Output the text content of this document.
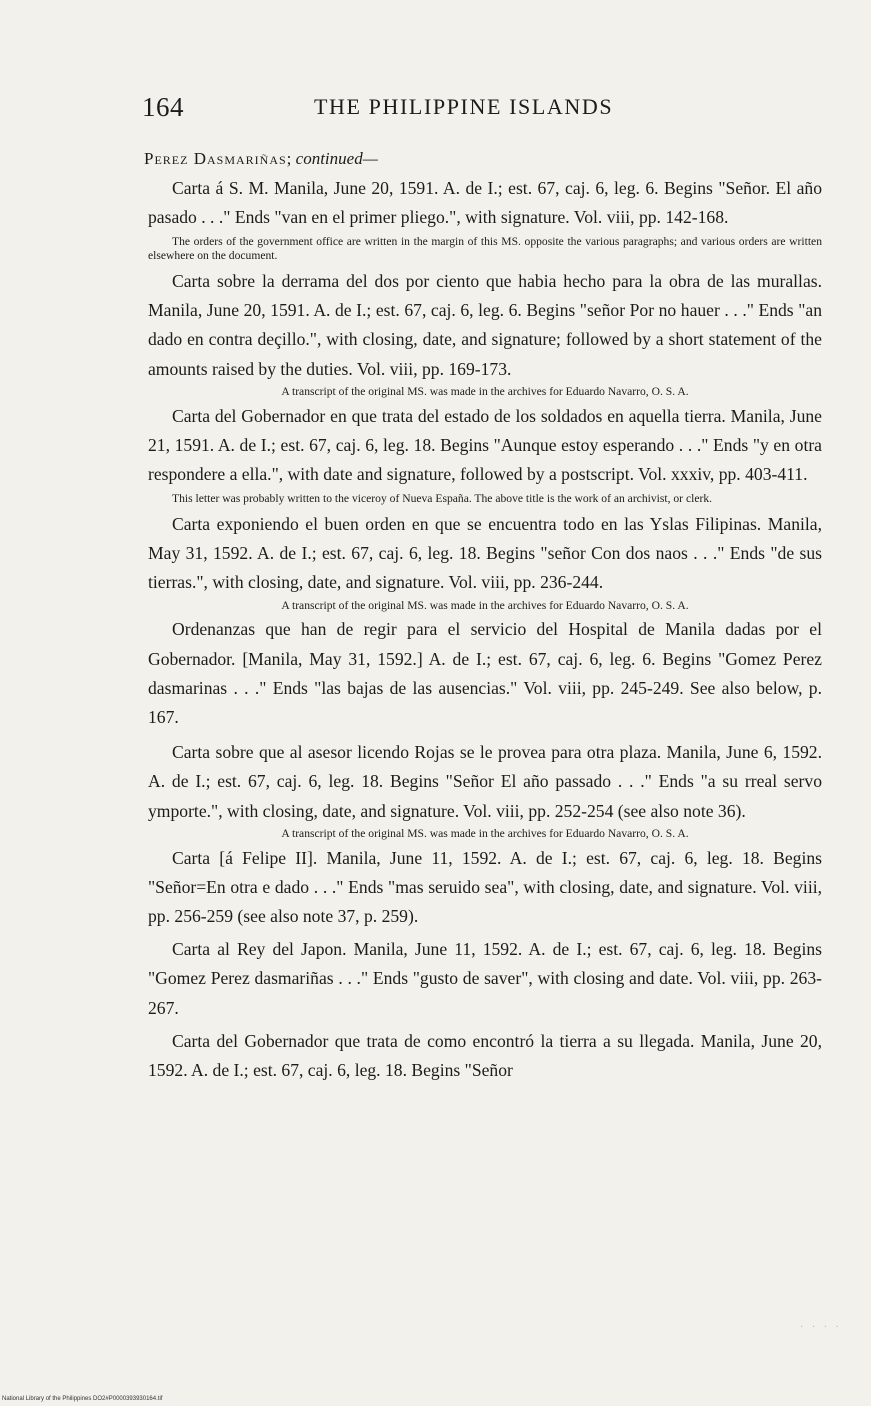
164	THE PHILIPPINE ISLANDS
Perez Dasmariñas; continued—

Carta á S. M. Manila, June 20, 1591. A. de I.; est. 67, caj. 6, leg. 6. Begins "Señor. El año pasado . . ." Ends "van en el primer pliego.", with signature. Vol. viii, pp. 142-168.

The orders of the government office are written in the margin of this MS. opposite the various paragraphs; and various orders are written elsewhere on the document.

Carta sobre la derrama del dos por ciento que habia hecho para la obra de las murallas. Manila, June 20, 1591. A. de I.; est. 67, caj. 6, leg. 6. Begins "señor Por no hauer . . ." Ends "an dado en contra deçillo.", with closing, date, and signature; followed by a short statement of the amounts raised by the duties. Vol. viii, pp. 169-173.

A transcript of the original MS. was made in the archives for Eduardo Navarro, O. S. A.

Carta del Gobernador en que trata del estado de los soldados en aquella tierra. Manila, June 21, 1591. A. de I.; est. 67, caj. 6, leg. 18. Begins "Aunque estoy esperando . . ." Ends "y en otra respondere a ella.", with date and signature, followed by a postscript. Vol. xxxiv, pp. 403-411.

This letter was probably written to the viceroy of Nueva España. The above title is the work of an archivist, or clerk.

Carta exponiendo el buen orden en que se encuentra todo en las Yslas Filipinas. Manila, May 31, 1592. A. de I.; est. 67, caj. 6, leg. 18. Begins "señor Con dos naos . . ." Ends "de sus tierras.", with closing, date, and signature. Vol. viii, pp. 236-244.

A transcript of the original MS. was made in the archives for Eduardo Navarro, O. S. A.

Ordenanzas que han de regir para el servicio del Hospital de Manila dadas por el Gobernador. [Manila, May 31, 1592.] A. de I.; est. 67, caj. 6, leg. 6. Begins "Gomez Perez dasmarinas . . ." Ends "las bajas de las ausencias." Vol. viii, pp. 245-249. See also below, p. 167.

Carta sobre que al asesor licendo Rojas se le provea para otra plaza. Manila, June 6, 1592. A. de I.; est. 67, caj. 6, leg. 18. Begins "Señor El año passado . . ." Ends "a su rreal servo ymporte.", with closing, date, and signature. Vol. viii, pp. 252-254 (see also note 36).

A transcript of the original MS. was made in the archives for Eduardo Navarro, O. S. A.

Carta [á Felipe II]. Manila, June 11, 1592. A. de I.; est. 67, caj. 6, leg. 18. Begins "Señor=En otra e dado . . ." Ends "mas seruido sea", with closing, date, and signature. Vol. viii, pp. 256-259 (see also note 37, p. 259).

Carta al Rey del Japon. Manila, June 11, 1592. A. de I.; est. 67, caj. 6, leg. 18. Begins "Gomez Perez dasmariñas . . ." Ends "gusto de saver", with closing and date. Vol. viii, pp. 263-267.

Carta del Gobernador que trata de como encontró la tierra a su llegada. Manila, June 20, 1592. A. de I.; est. 67, caj. 6, leg. 18. Begins "Señor

· · · ·
National Library of the Philippines DO2#P0000393930164.tif
